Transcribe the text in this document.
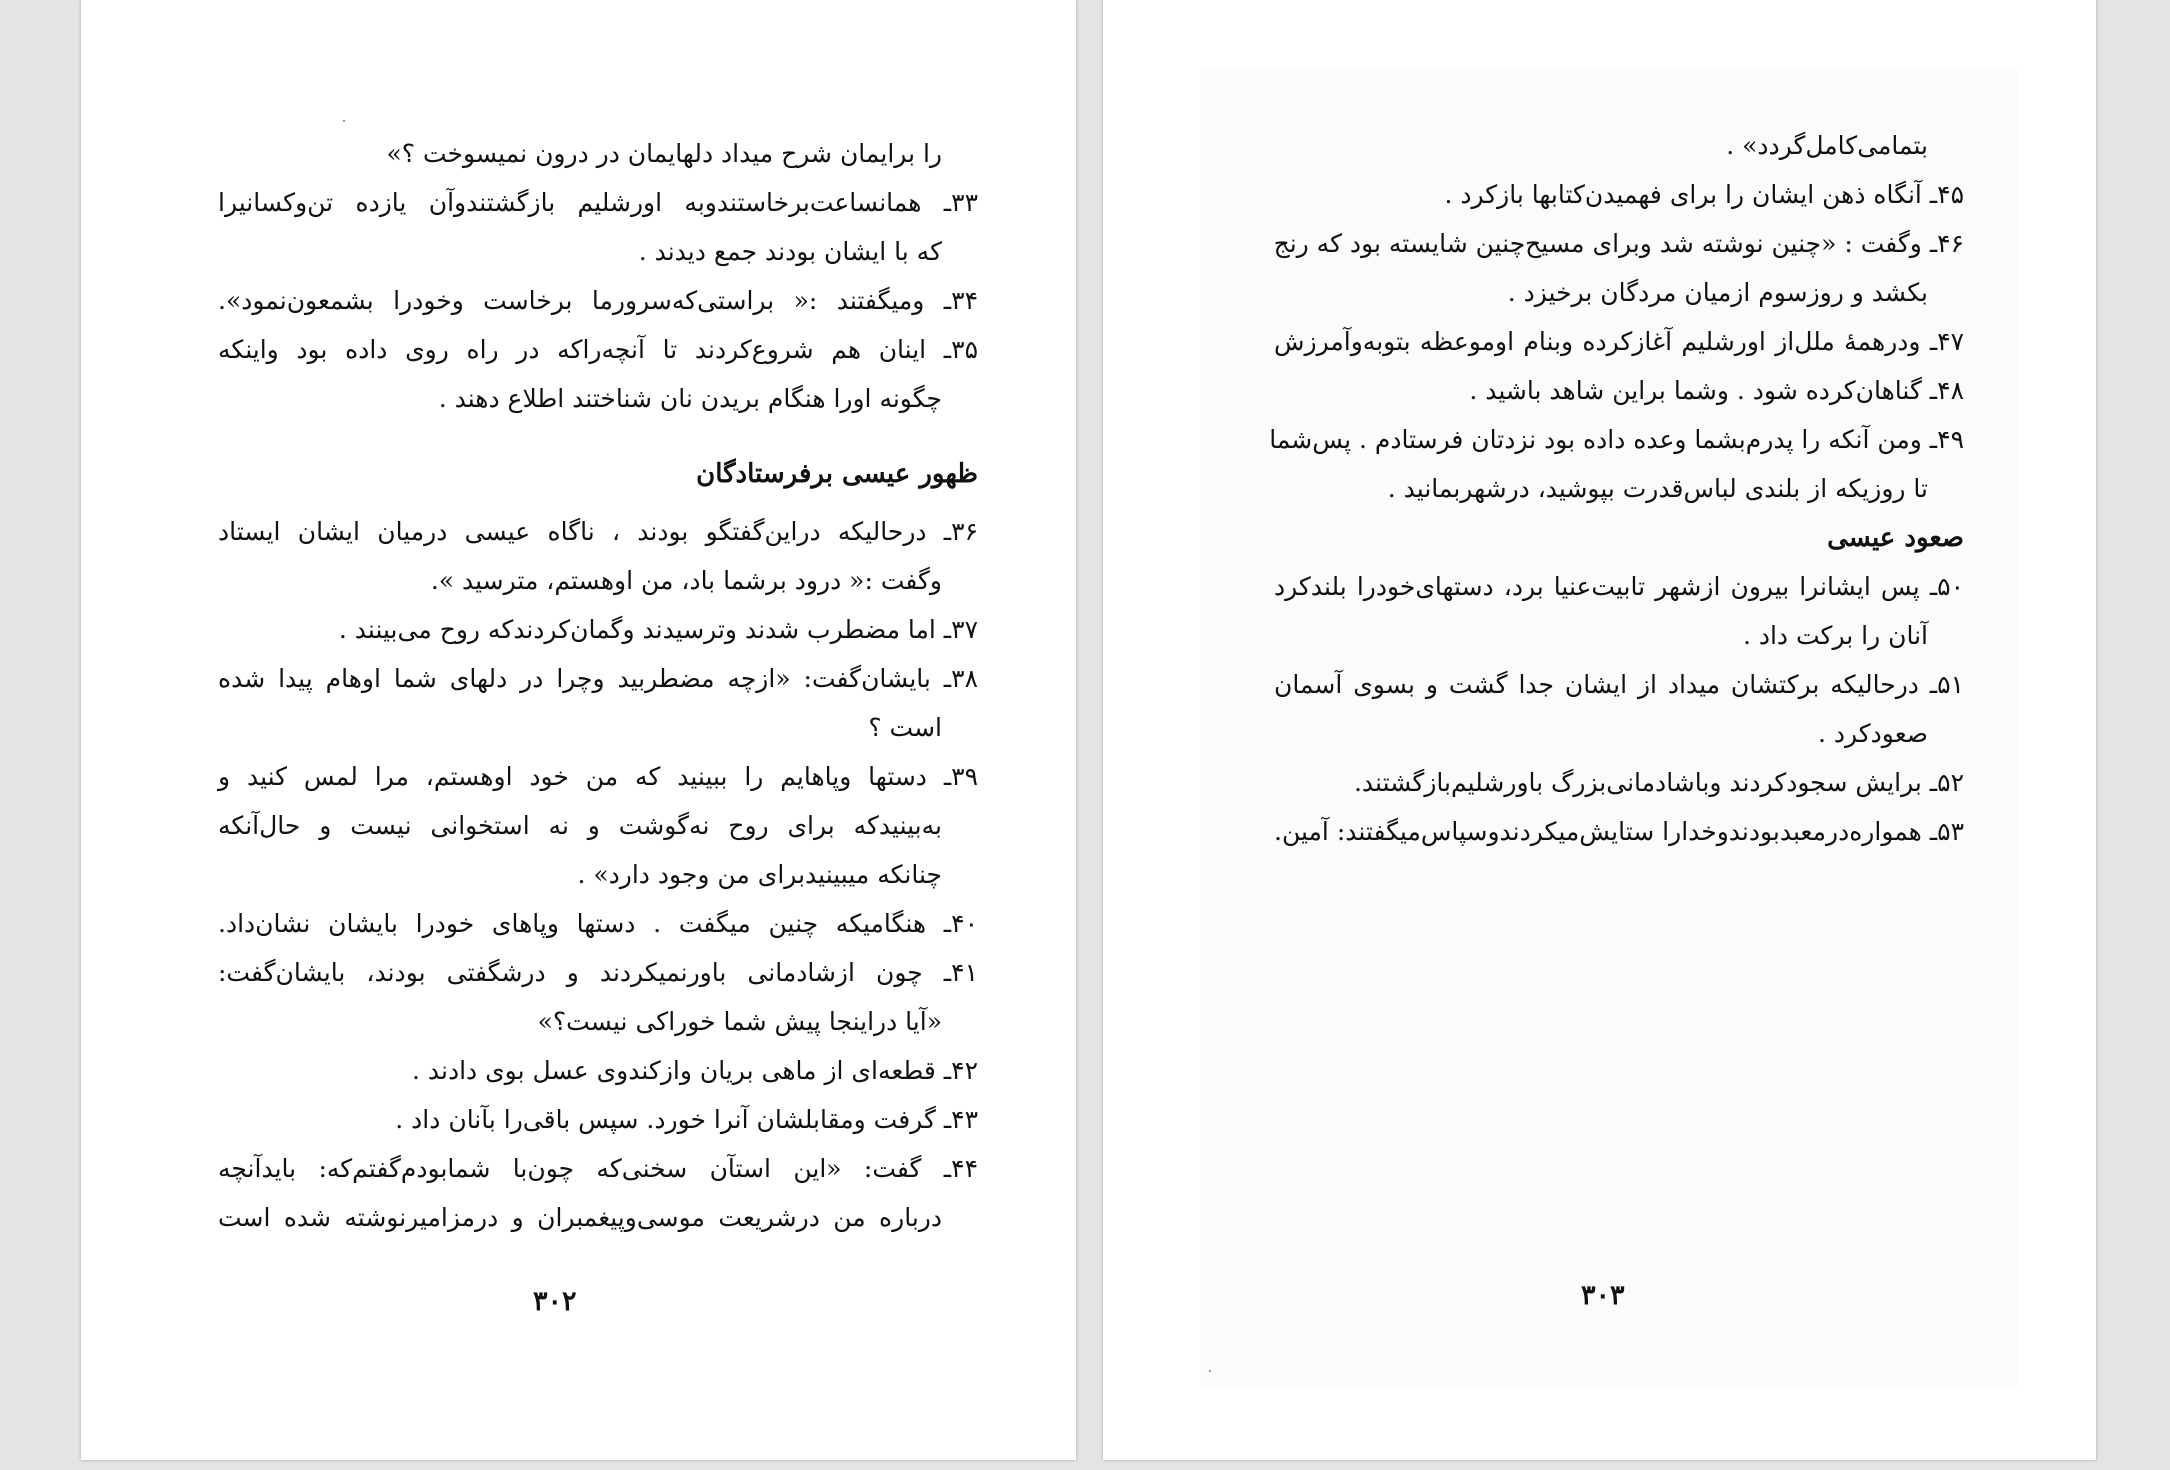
را برایمان شرح میداد دلهایمان در درون نمیسوخت ؟»
۳۳ـ همانساعت‌برخاستندو‌به اورشلیم بازگشتندوآن یازده تن‌وکسانیرا
که با ایشان بودند جمع دیدند .
۳۴ـ ومیگفتند :« براستی‌که‌سرورما برخاست وخودرا بشمعون‌نمود».
۳۵ـ اینان هم شروع‌کردند تا آنچه‌راکه در راه روی داده بود واینکه
چگونه اورا هنگام بریدن نان شناختند اطلاع دهند .
ظهور عیسی برفرستادگان
۳۶ـ درحالیکه دراین‌گفتگو بودند ، ناگاه عیسی درمیان ایشان ایستاد
وگفت :« درود برشما باد، من اوهستم، مترسید ».
۳۷ـ اما مضطرب شدند وترسیدند وگمان‌کردندکه روح می‌بینند .
۳۸ـ بایشان‌گفت: «ازچه مضطربید وچرا در دلهای شما اوهام پیدا شده
است ؟
۳۹ـ دستها وپاهایم را ببینید که من خود اوهستم، مرا لمس کنید و
به‌بینیدکه برای روح نه‌گوشت و نه استخوانی نیست و حال‌آنکه
چنانکه میبینیدبرای من وجود دارد» .
۴۰ـ هنگامیکه چنین میگفت . دستها وپاهای خودرا بایشان نشان‌داد.
۴۱ـ چون ازشادمانی باورنمیکردند و درشگفتی بودند، بایشان‌گفت:
«آیا دراینجا پیش شما خوراکی نیست؟»
۴۲ـ قطعه‌ای از ماهی بریان وازکندوی عسل بوی دادند .
۴۳ـ گرفت ومقابلشان آنرا خورد. سپس باقی‌را بآنان داد .
۴۴ـ گفت: «این استآن سخنی‌که چون‌با شمابودم‌گفتم‌که: بایدآنچه
درباره من درشریعت موسی‌وپیغمبران و درمزامیرنوشته شده است
۳۰۲
بتمامی‌کامل‌گردد» .
۴۵ـ آنگاه ذهن ایشان را برای فهمیدن‌کتابها بازکرد .
۴۶ـ وگفت : «چنین نوشته شد وبرای مسیح‌چنین شایسته بود که رنج
بکشد و روزسوم ازمیان مردگان برخیزد .
۴۷ـ ودرهمهٔ ملل‌از اورشلیم آغازکرده وبنام اوموعظه بتوبه‌وآمرزش
۴۸ـ گناهان‌کرده شود . وشما براین شاهد باشید .
۴۹ـ ومن آنکه را پدرم‌بشما وعده داده بود نزدتان فرستادم . پس‌شما
تا روزیکه از بلندی لباس‌قدرت بپوشید، درشهربمانید .
صعود عیسی
۵۰ـ پس ایشانرا بیرون ازشهر تابیت‌عنیا برد، دستهای‌خودرا بلندکرد
آنان را برکت داد .
۵۱ـ درحالیکه برکتشان میداد از ایشان جدا گشت و بسوی آسمان
صعودکرد .
۵۲ـ برایش سجودکردند وباشادمانی‌بزرگ باورشلیم‌بازگشتند.
۵۳ـ همواره‌درمعبدبودندوخدارا ستایش‌میکردندوسپاس‌میگفتند: آمین.
۳۰۳
